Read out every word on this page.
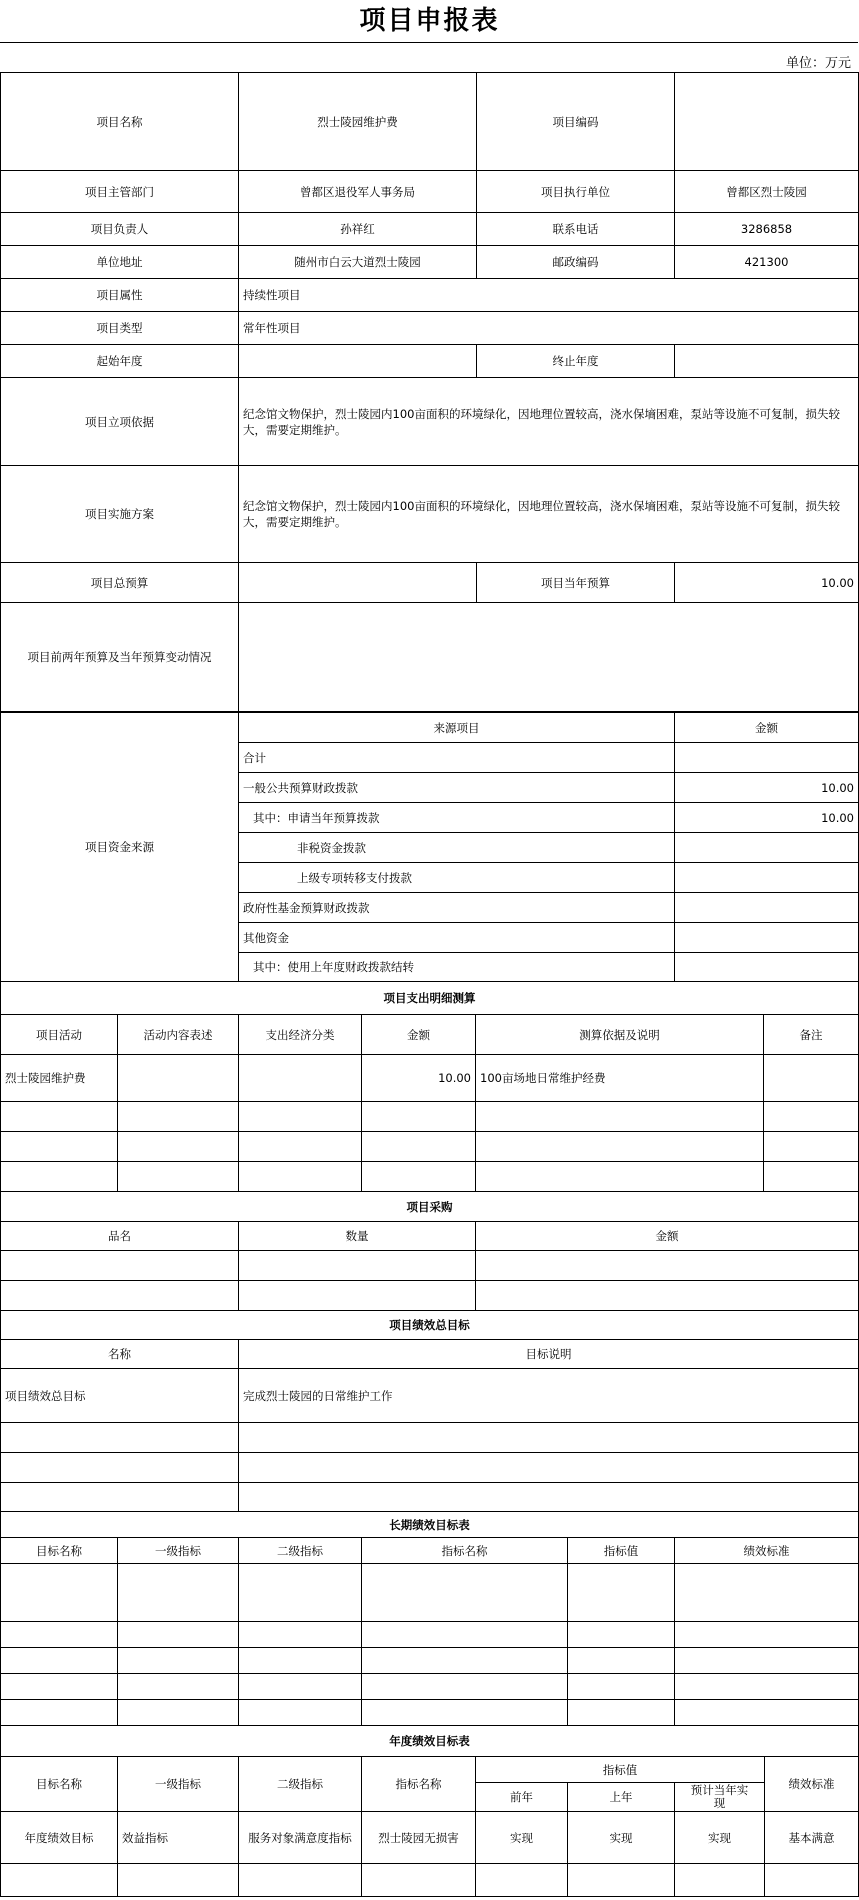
项目申报表
单位：万元
项目名称	烈士陵园维护费	项目编码	
项目主管部门	曾都区退役军人事务局	项目执行单位	曾都区烈士陵园
项目负责人	孙祥红	联系电话	3286858
单位地址	随州市白云大道烈士陵园	邮政编码	421300
项目属性	持续性项目		
项目类型	常年性项目		
起始年度		终止年度	
项目立项依据	纪念馆文物保护，烈士陵园内100亩面积的环境绿化，因地理位置较高，浇水保墒困难，泵站等设施不可复制，损失较大，需要定期维护。		
项目实施方案	纪念馆文物保护，烈士陵园内100亩面积的环境绿化，因地理位置较高，浇水保墒困难，泵站等设施不可复制，损失较大，需要定期维护。		
项目总预算		项目当年预算	10.00
项目前两年预算及当年预算变动情况			
项目资金来源	来源项目	金额
	合计	
	一般公共预算财政拨款	10.00
	其中：申请当年预算拨款	10.00
	非税资金拨款	
	上级专项转移支付拨款	
	政府性基金预算财政拨款	
	其他资金	
	其中：使用上年度财政拨款结转	
项目支出明细测算					
项目活动	活动内容表述	支出经济分类	金额	测算依据及说明	备注
烈士陵园维护费			10.00	100亩场地日常维护经费	

项目采购		
品名	数量	金额

项目绩效总目标	
名称	目标说明
项目绩效总目标	完成烈士陵园的日常维护工作

长期绩效目标表					
目标名称	一级指标	二级指标	指标名称	指标值	绩效标准

年度绩效目标表							
目标名称	一级指标	二级指标	指标名称	指标值			绩效标准
				前年	上年	预计当年实现	
年度绩效目标	效益指标	服务对象满意度指标	烈士陵园无损害	实现	实现	实现	基本满意
